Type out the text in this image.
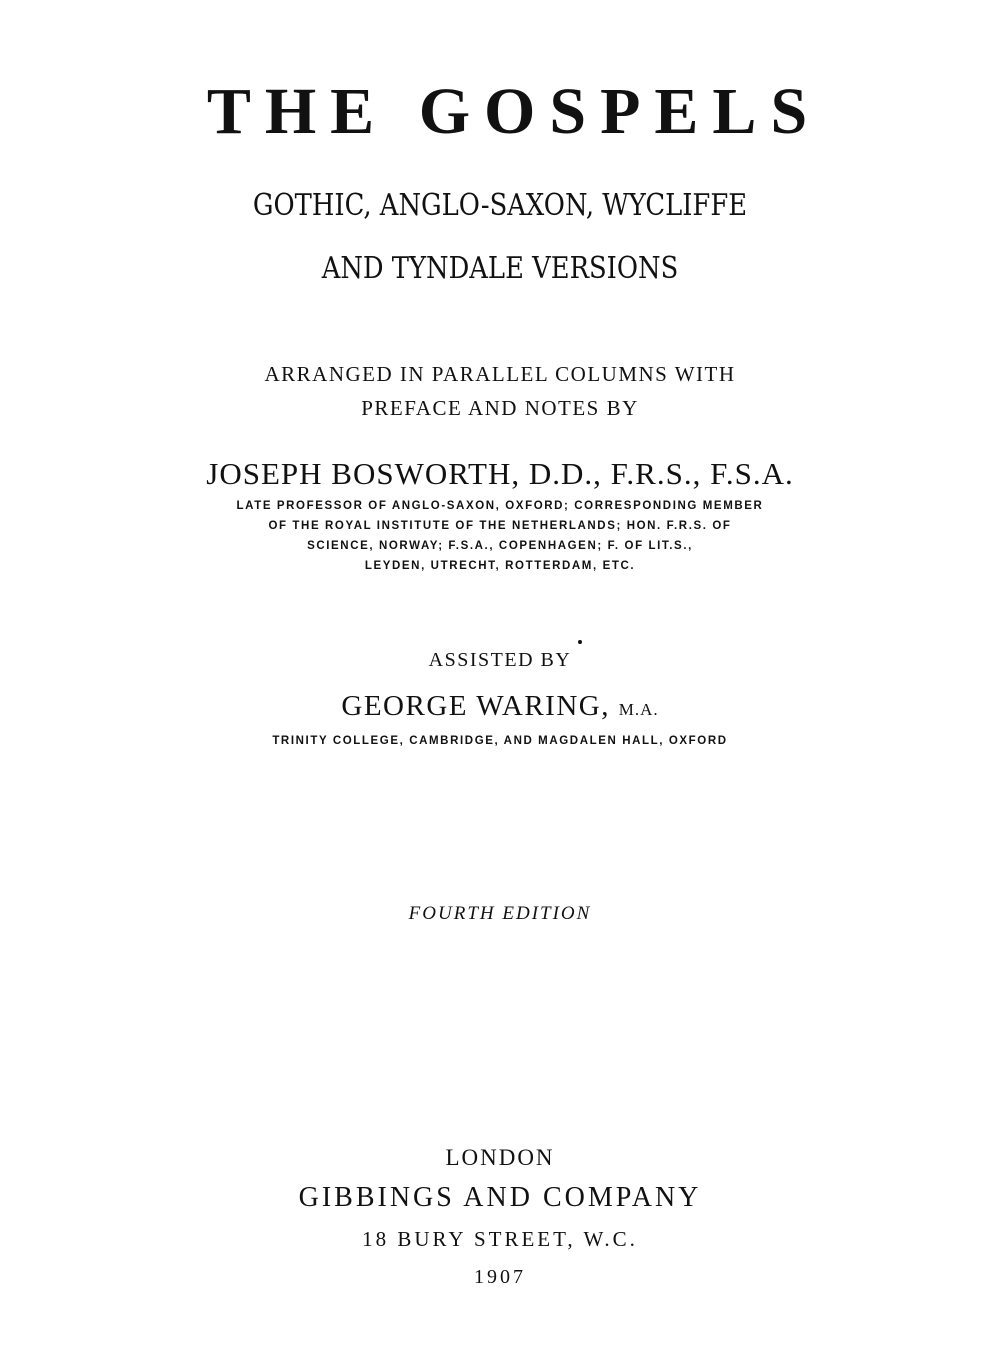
THE GOSPELS
GOTHIC, ANGLO-SAXON, WYCLIFFE
AND TYNDALE VERSIONS
ARRANGED IN PARALLEL COLUMNS WITH
PREFACE AND NOTES BY
JOSEPH BOSWORTH, D.D., F.R.S., F.S.A.
LATE PROFESSOR OF ANGLO-SAXON, OXFORD; CORRESPONDING MEMBER
OF THE ROYAL INSTITUTE OF THE NETHERLANDS; HON. F.R.S. OF
SCIENCE, NORWAY; F.S.A., COPENHAGEN; F. OF LIT.S.,
LEYDEN, UTRECHT, ROTTERDAM, ETC.
ASSISTED BY
GEORGE WARING, M.A.
TRINITY COLLEGE, CAMBRIDGE, AND MAGDALEN HALL, OXFORD
FOURTH EDITION
LONDON
GIBBINGS AND COMPANY
18 BURY STREET, W.C.
1907
